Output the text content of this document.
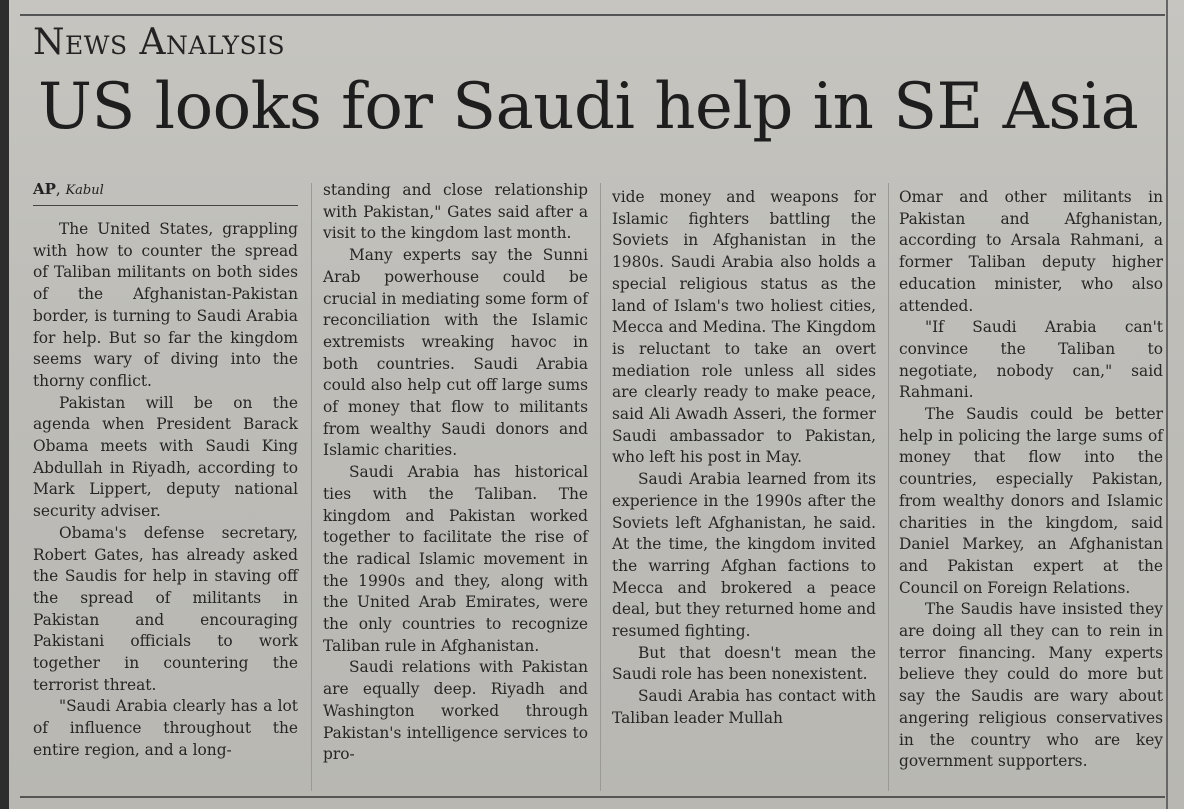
News Analysis
US looks for Saudi help in SE Asia
AP, Kabul

The United States, grappling with how to counter the spread of Taliban militants on both sides of the Afghanistan-Pakistan border, is turning to Saudi Arabia for help. But so far the kingdom seems wary of diving into the thorny conflict.

Pakistan will be on the agenda when President Barack Obama meets with Saudi King Abdullah in Riyadh, according to Mark Lippert, deputy national security adviser.

Obama's defense secretary, Robert Gates, has already asked the Saudis for help in staving off the spread of militants in Pakistan and encouraging Pakistani officials to work together in countering the terrorist threat.

"Saudi Arabia clearly has a lot of influence throughout the entire region, and a long-

standing and close relationship with Pakistan," Gates said after a visit to the kingdom last month.

Many experts say the Sunni Arab powerhouse could be crucial in mediating some form of reconciliation with the Islamic extremists wreaking havoc in both countries. Saudi Arabia could also help cut off large sums of money that flow to militants from wealthy Saudi donors and Islamic charities.

Saudi Arabia has historical ties with the Taliban. The kingdom and Pakistan worked together to facilitate the rise of the radical Islamic movement in the 1990s and they, along with the United Arab Emirates, were the only countries to recognize Taliban rule in Afghanistan.

Saudi relations with Pakistan are equally deep. Riyadh and Washington worked through Pakistan's intelligence services to pro-

vide money and weapons for Islamic fighters battling the Soviets in Afghanistan in the 1980s. Saudi Arabia also holds a special religious status as the land of Islam's two holiest cities, Mecca and Medina. The Kingdom is reluctant to take an overt mediation role unless all sides are clearly ready to make peace, said Ali Awadh Asseri, the former Saudi ambassador to Pakistan, who left his post in May.

Saudi Arabia learned from its experience in the 1990s after the Soviets left Afghanistan, he said. At the time, the kingdom invited the warring Afghan factions to Mecca and brokered a peace deal, but they returned home and resumed fighting.

But that doesn't mean the Saudi role has been nonexistent.

Saudi Arabia has contact with Taliban leader Mullah

Omar and other militants in Pakistan and Afghanistan, according to Arsala Rahmani, a former Taliban deputy higher education minister, who also attended.

"If Saudi Arabia can't convince the Taliban to negotiate, nobody can," said Rahmani.

The Saudis could be better help in policing the large sums of money that flow into the countries, especially Pakistan, from wealthy donors and Islamic charities in the kingdom, said Daniel Markey, an Afghanistan and Pakistan expert at the Council on Foreign Relations.

The Saudis have insisted they are doing all they can to rein in terror financing. Many experts believe they could do more but say the Saudis are wary about angering religious conservatives in the country who are key government supporters.
